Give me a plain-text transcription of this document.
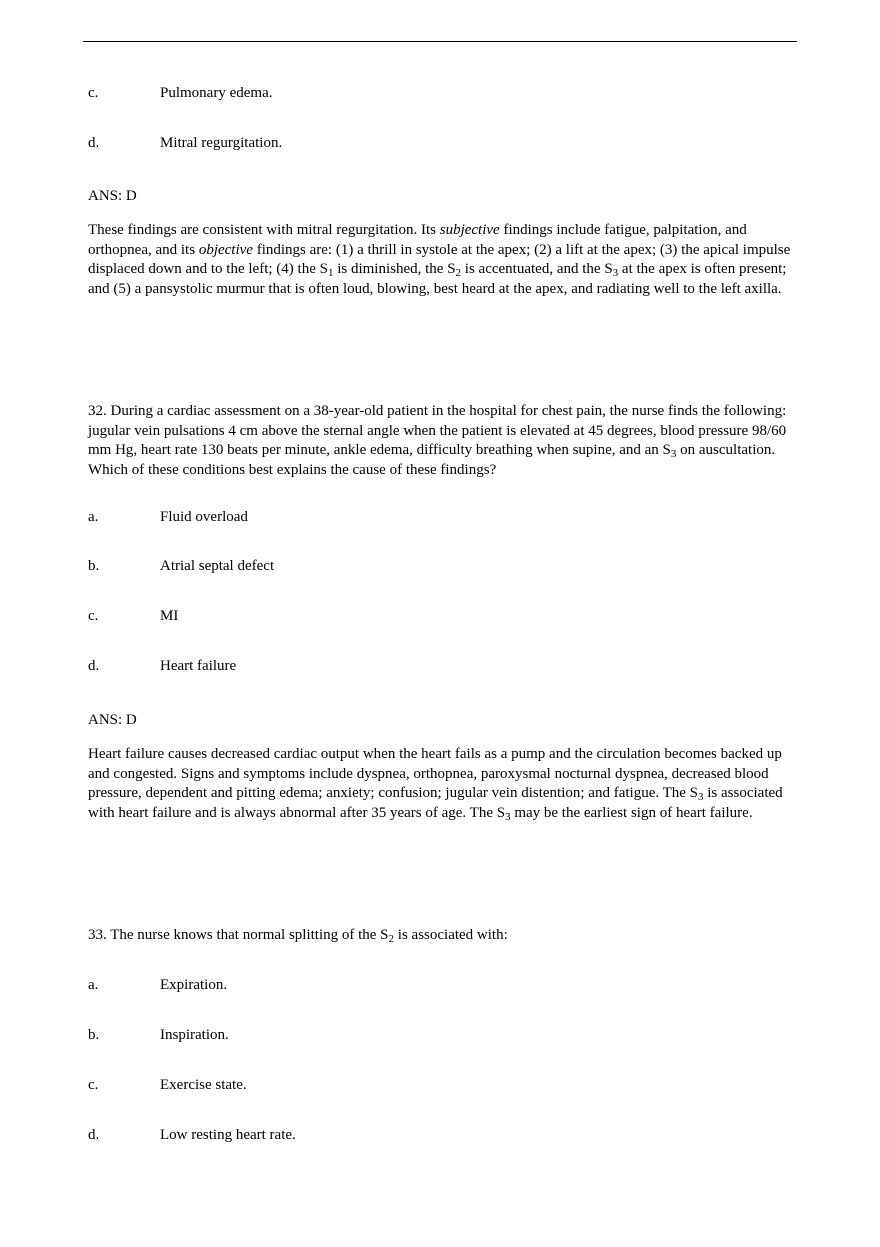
c.	Pulmonary edema.
d.	Mitral regurgitation.
ANS: D
These findings are consistent with mitral regurgitation. Its subjective findings include fatigue, palpitation, and orthopnea, and its objective findings are: (1) a thrill in systole at the apex; (2) a lift at the apex; (3) the apical impulse displaced down and to the left; (4) the $S_1$ is diminished, the $S_2$ is accentuated, and the $S_3$ at the apex is often present; and (5) a pansystolic murmur that is often loud, blowing, best heard at the apex, and radiating well to the left axilla.
32. During a cardiac assessment on a 38-year-old patient in the hospital for chest pain, the nurse finds the following: jugular vein pulsations 4 cm above the sternal angle when the patient is elevated at 45 degrees, blood pressure 98/60 mm Hg, heart rate 130 beats per minute, ankle edema, difficulty breathing when supine, and an $S_3$ on auscultation. Which of these conditions best explains the cause of these findings?
a.	Fluid overload
b.	Atrial septal defect
c.	MI
d.	Heart failure
ANS: D
Heart failure causes decreased cardiac output when the heart fails as a pump and the circulation becomes backed up and congested. Signs and symptoms include dyspnea, orthopnea, paroxysmal nocturnal dyspnea, decreased blood pressure, dependent and pitting edema; anxiety; confusion; jugular vein distention; and fatigue. The $S_3$ is associated with heart failure and is always abnormal after 35 years of age. The $S_3$ may be the earliest sign of heart failure.
33. The nurse knows that normal splitting of the $S_2$ is associated with:
a.	Expiration.
b.	Inspiration.
c.	Exercise state.
d.	Low resting heart rate.
